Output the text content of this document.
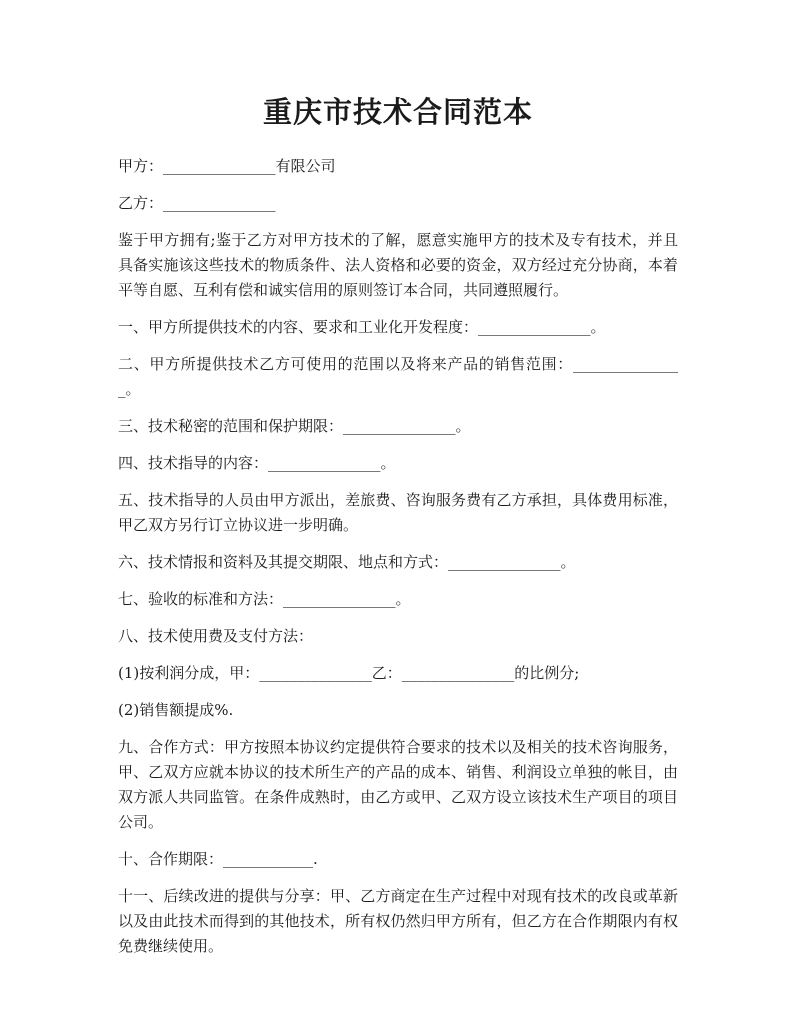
重庆市技术合同范本

甲方：_______________有限公司

乙方：_______________

鉴于甲方拥有;鉴于乙方对甲方技术的了解，愿意实施甲方的技术及专有技术，并且具备实施该这些技术的物质条件、法人资格和必要的资金，双方经过充分协商，本着平等自愿、互利有偿和诚实信用的原则签订本合同，共同遵照履行。

一、甲方所提供技术的内容、要求和工业化开发程度：_______________。

二、甲方所提供技术乙方可使用的范围以及将来产品的销售范围：_______________。

三、技术秘密的范围和保护期限：_______________。

四、技术指导的内容：_______________。

五、技术指导的人员由甲方派出，差旅费、咨询服务费有乙方承担，具体费用标准，甲乙双方另行订立协议进一步明确。

六、技术情报和资料及其提交期限、地点和方式：_______________。

七、验收的标准和方法：_______________。

八、技术使用费及支付方法：

(1)按利润分成，甲：_______________乙：_______________的比例分;

(2)销售额提成%.

九、合作方式：甲方按照本协议约定提供符合要求的技术以及相关的技术咨询服务，甲、乙双方应就本协议的技术所生产的产品的成本、销售、利润设立单独的帐目，由双方派人共同监管。在条件成熟时，由乙方或甲、乙双方设立该技术生产项目的项目公司。

十、合作期限：____________.

十一、后续改进的提供与分享：甲、乙方商定在生产过程中对现有技术的改良或革新以及由此技术而得到的其他技术，所有权仍然归甲方所有，但乙方在合作期限内有权免费继续使用。
